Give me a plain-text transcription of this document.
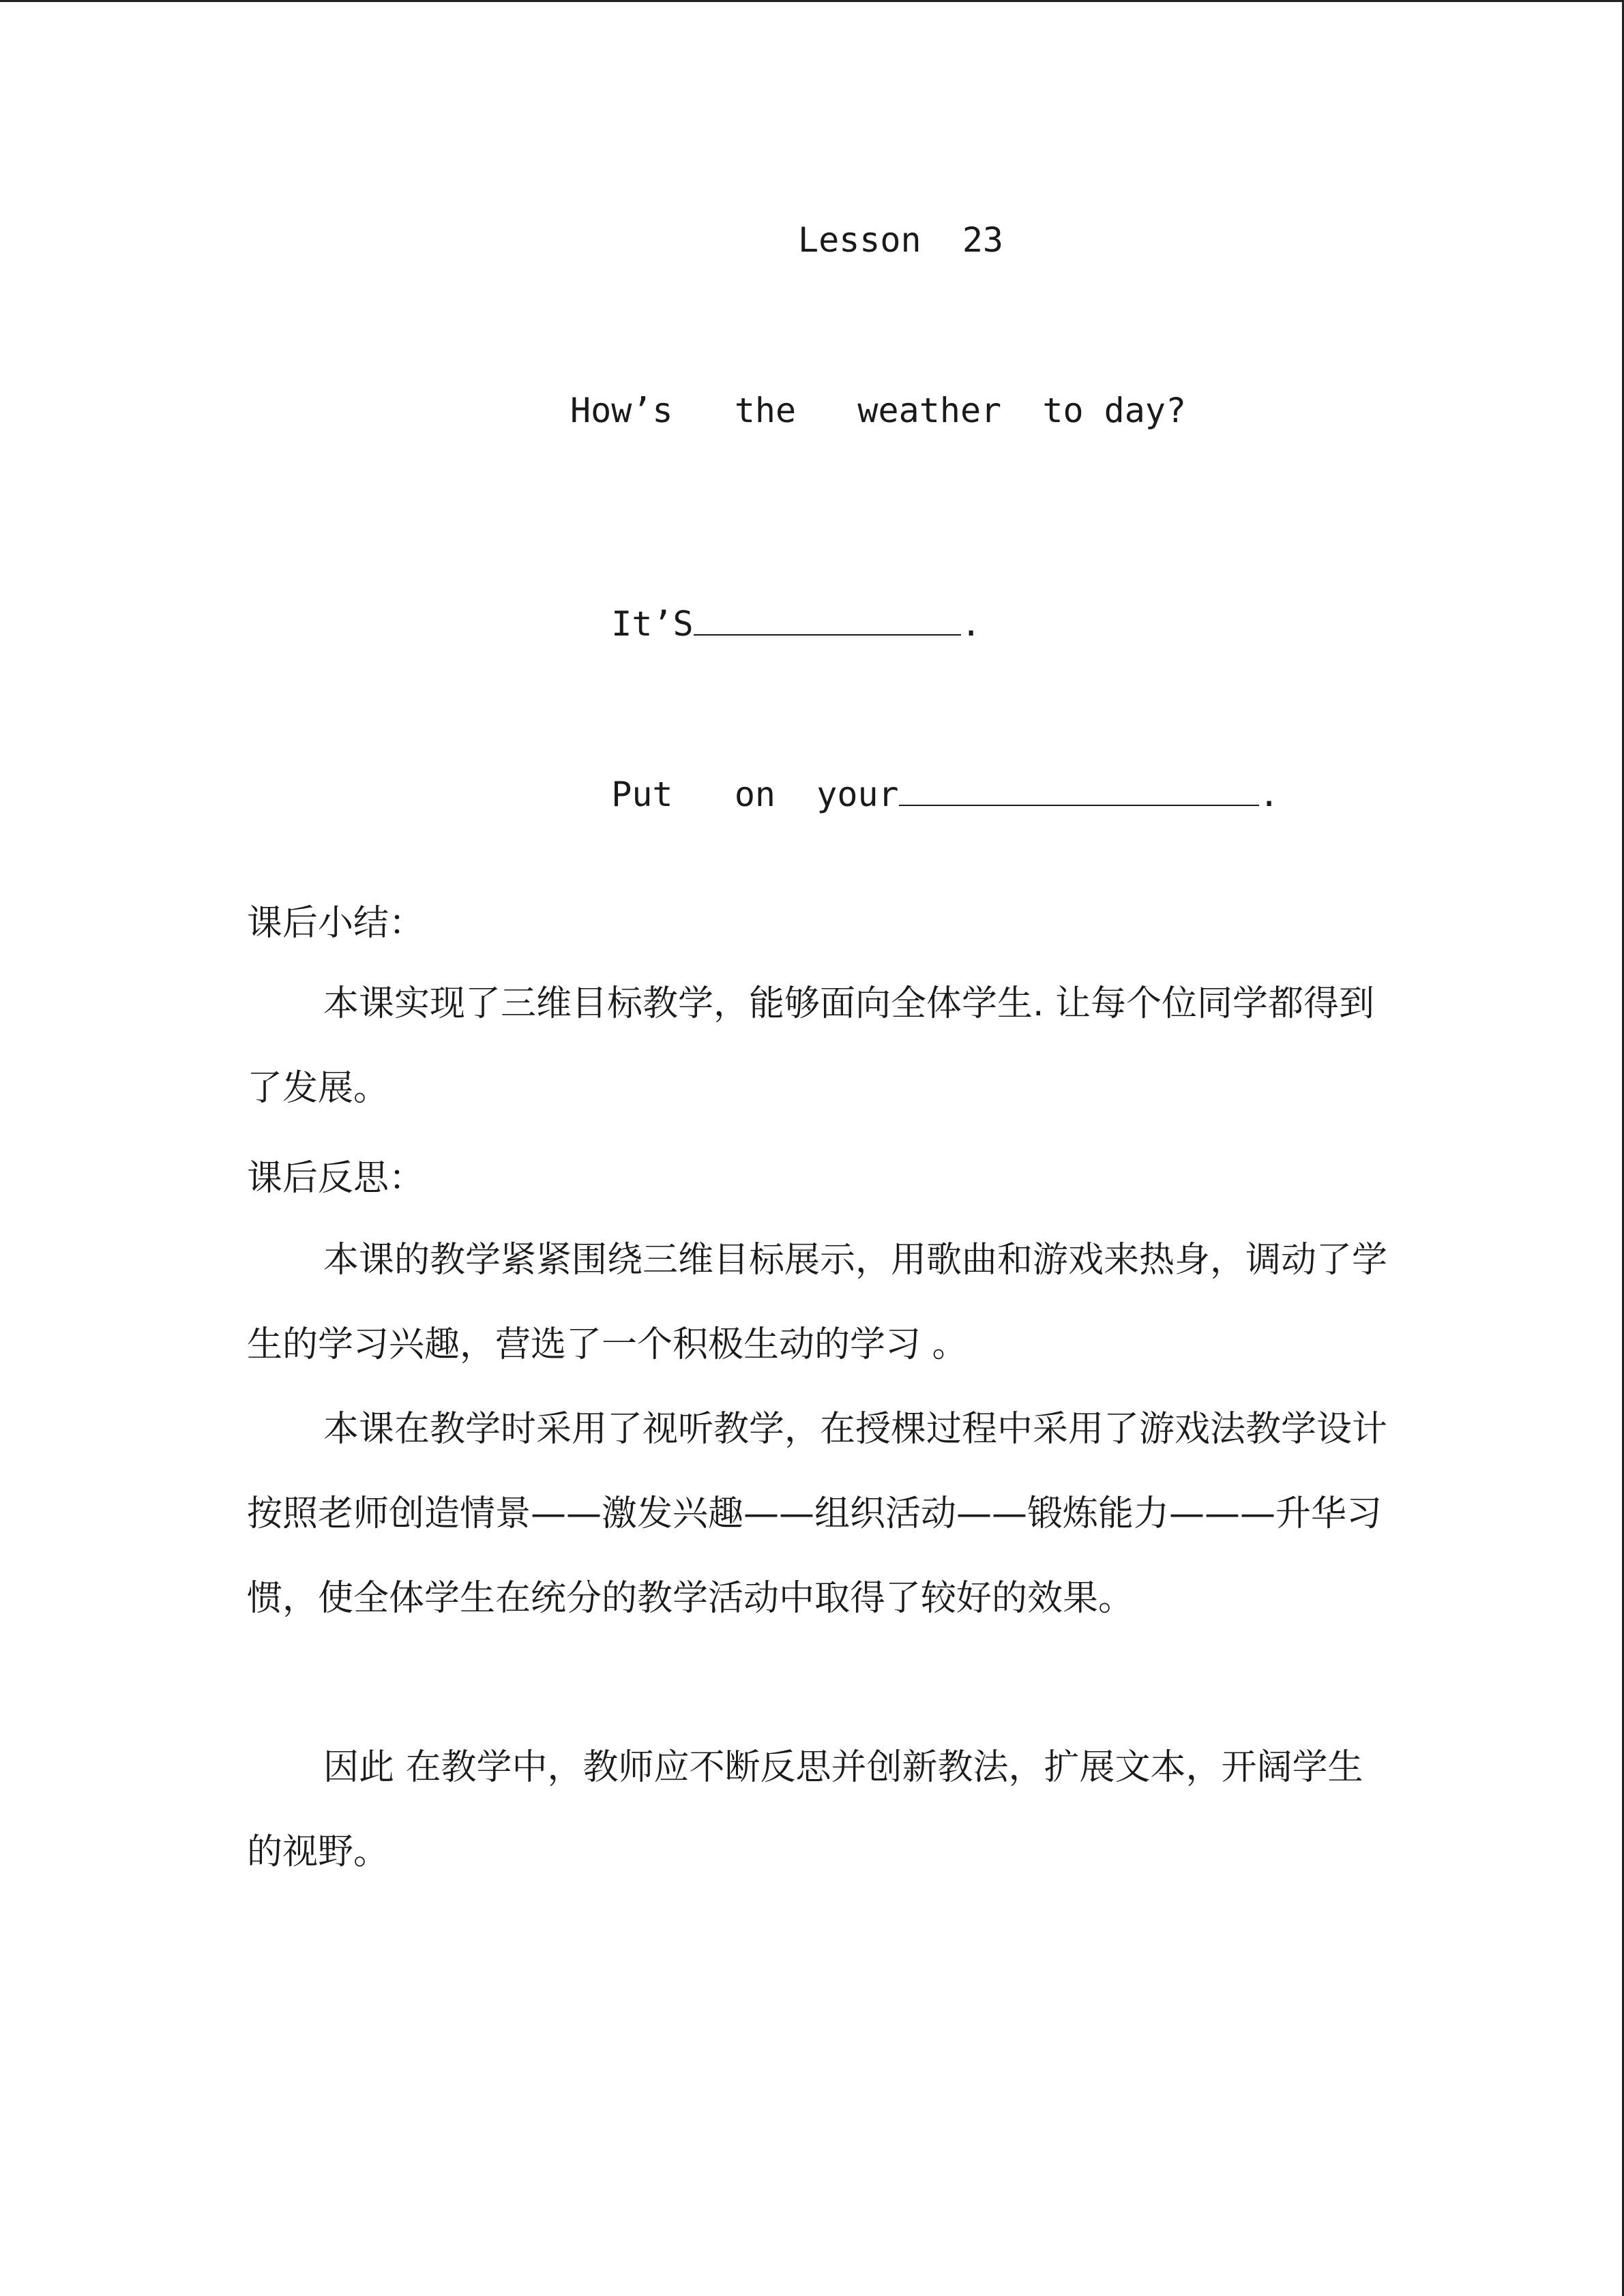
Lesson  23
How’s   the   weather  to day?

It’S	.

Put   on  your	.

课后小结：
本课实现了三维目标教学，能够面向全体学生. 让每个位同学都得到了发展。
课后反思：
本课的教学紧紧围绕三维目标展示，用歌曲和游戏来热身，调动了学生的学习兴趣，营选了一个积极生动的学习 。
本课在教学时采用了视听教学，在授棵过程中采用了游戏法教学设计按照老师创造情景——激发兴趣——组织活动——锻炼能力———升华习惯，使全体学生在统分的教学活动中取得了较好的效果。
因此 在教学中，教师应不断反思并创新教法，扩展文本，开阔学生的视野。
